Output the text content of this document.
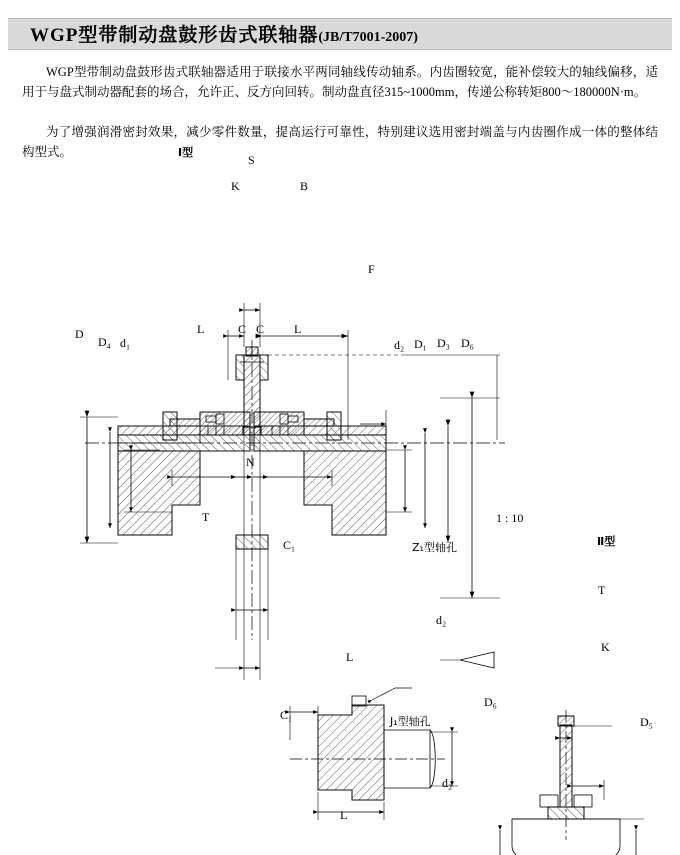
WGP型带制动盘鼓形齿式联轴器(JB/T7001-2007)
WGP型带制动盘鼓形齿式联轴器适用于联接水平两同轴线传动轴系。内齿圈较宽，能补偿较大的轴线偏移，适用于与盘式制动器配套的场合，允许正、反方向回转。制动盘直径315~1000mm，传递公称转矩800～180000N·m。
为了增强润滑密封效果，减少零件数量，提高运行可靠性，特别建议选用密封端盖与内齿圈作成一体的整体结构型式。	Ⅰ型
Ⅱ型
1 : 10
Z₁型轴孔
J₁型轴孔
S
K	B
F
D
D₄ d₁	d₂ D₁ D₃ D₆
L	C C L
N
T
C₁
L
d₂
C₁
L
d₂
T
K
D₆
D₅
